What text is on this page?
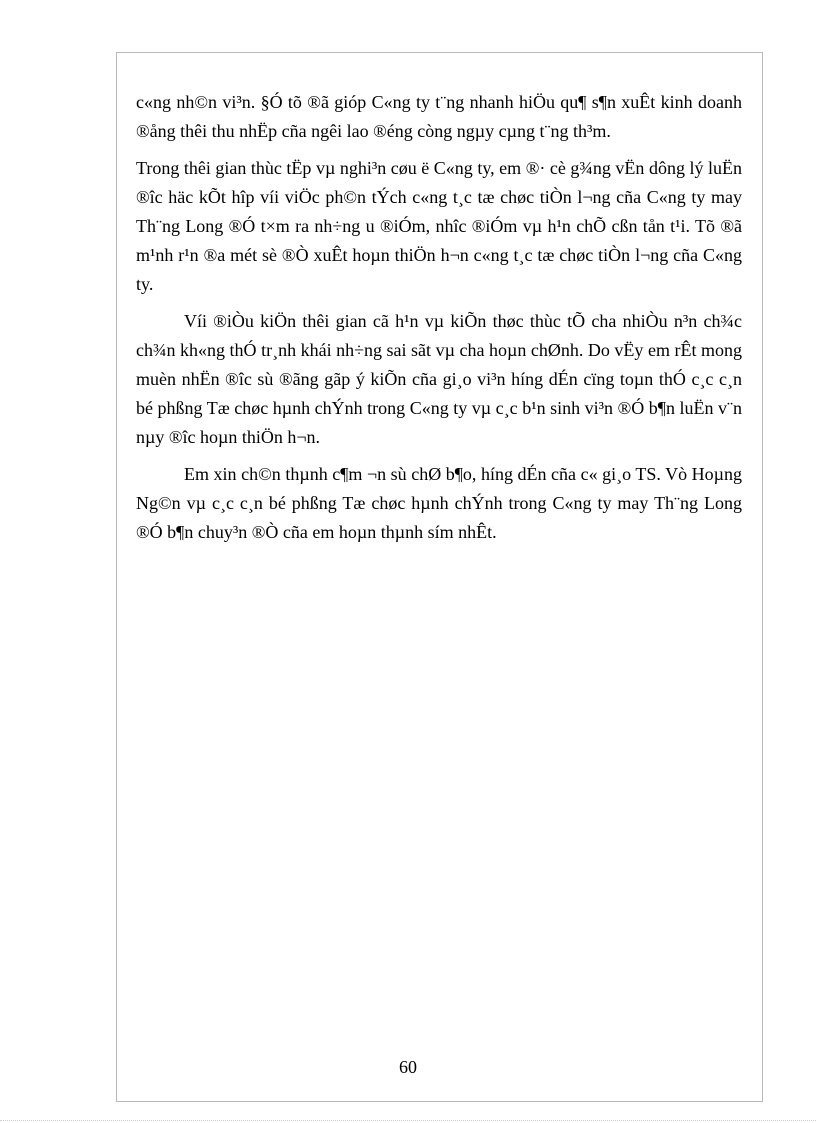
c«ng nh©n vi³n. §Ó tõ ®ã gióp C«ng ty t¨ng nhanh hiÖu qu¶ s¶n xuÊt kinh doanh ®ång thêi thu nhËp cña ngêi lao ®éng còng ngµy cµng t¨ng th³m.

Trong thêi gian thùc tËp vµ nghi³n cøu ë C«ng ty, em ®· cè g¾ng vËn dông lý luËn ®îc häc kÕt hîp víi viÖc ph©n tÝch c«ng t¸c tæ chøc tiÒn l¬ng cña C«ng ty may Th¨ng Long ®Ó t×m ra nh÷ng u ®iÓm, nhîc ®iÓm vµ h¹n chÕ cßn tån t¹i. Tõ ®ã m¹nh r¹n ®a mét sè ®Ò xuÊt hoµn thiÖn h¬n c«ng t¸c tæ chøc tiÒn l¬ng cña C«ng ty.

Víi ®iÒu kiÖn thêi gian cã h¹n vµ kiÕn thøc thùc tÕ cha nhiÒu n³n ch¾c ch¾n kh«ng thÓ tr¸nh khái nh÷ng sai sãt vµ cha hoµn chØnh. Do vËy em rÊt mong muèn nhËn ®îc sù ®ãng gãp ý kiÕn cña gi¸o vi³n híng dÉn cïng toµn thÓ c¸c c¸n bé phßng Tæ chøc hµnh chÝnh trong C«ng ty vµ c¸c b¹n sinh vi³n ®Ó b¶n luËn v¨n nµy ®îc hoµn thiÖn h¬n.

Em xin ch©n thµnh c¶m ¬n sù chØ b¶o, híng dÉn cña c« gi¸o TS. Vò Hoµng Ng©n vµ c¸c c¸n bé phßng Tæ chøc hµnh chÝnh trong C«ng ty may Th¨ng Long ®Ó b¶n chuy³n ®Ò cña em hoµn thµnh sím nhÊt.

60
